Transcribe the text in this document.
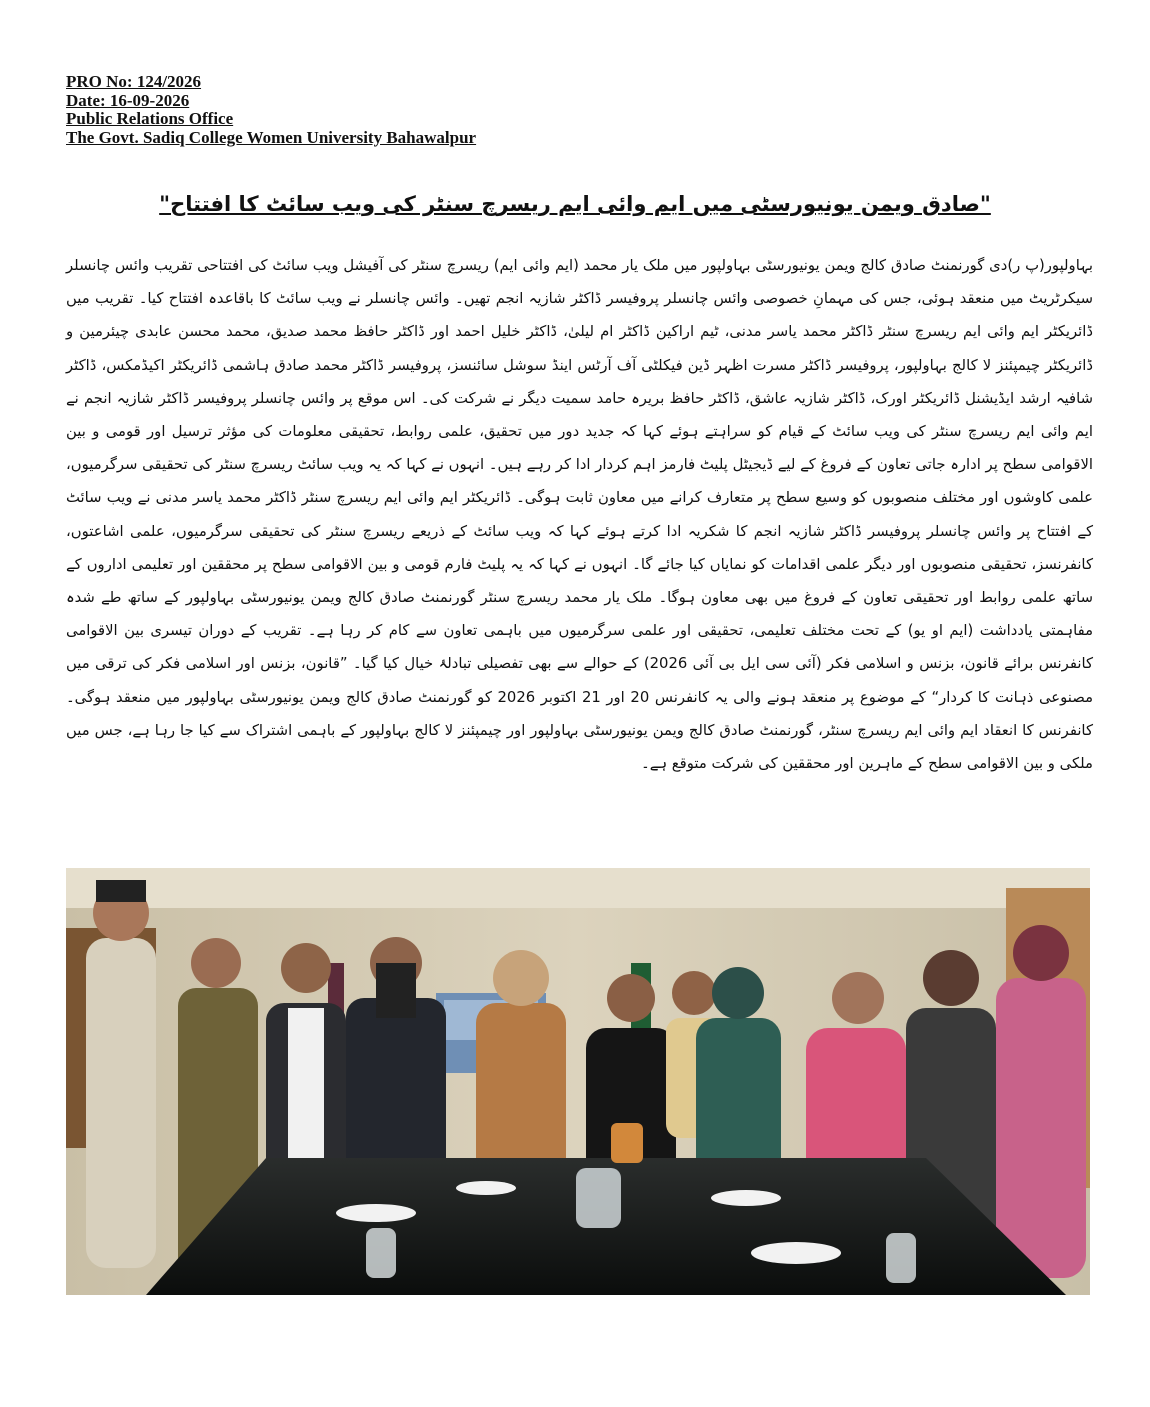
PRO No: 124/2026
Date: 16-09-2026
Public Relations Office
The Govt. Sadiq College Women University Bahawalpur
"صادق ویمن یونیورسٹی میں ایم وائی ایم ریسرچ سنٹر کی ویب سائٹ کا افتتاح"

بہاولپور(پ ر)دی گورنمنٹ صادق کالج ویمن یونیورسٹی بہاولپور میں ملک یار محمد (ایم وائی ایم) ریسرچ سنٹر کی آفیشل ویب سائٹ کی افتتاحی تقریب وائس چانسلر سیکرٹریٹ میں منعقد ہوئی، جس کی مہمانِ خصوصی وائس چانسلر پروفیسر ڈاکٹر شازیہ انجم تھیں۔ وائس چانسلر نے ویب سائٹ کا باقاعدہ افتتاح کیا۔ تقریب میں ڈائریکٹر ایم وائی ایم ریسرچ سنٹر ڈاکٹر محمد یاسر مدنی، ٹیم اراکین ڈاکٹر ام لیلیٰ، ڈاکٹر خلیل احمد اور ڈاکٹر حافظ محمد صدیق، محمد محسن عابدی چیئرمین و ڈائریکٹر چیمپئنز لا کالج بہاولپور، پروفیسر ڈاکٹر مسرت اظہر ڈین فیکلٹی آف آرٹس اینڈ سوشل سائنسز، پروفیسر ڈاکٹر محمد صادق ہاشمی ڈائریکٹر اکیڈمکس، ڈاکٹر شافیہ ارشد ایڈیشنل ڈائریکٹر اورک، ڈاکٹر شازیہ عاشق، ڈاکٹر حافظ بریرہ حامد سمیت دیگر نے شرکت کی۔ اس موقع پر وائس چانسلر پروفیسر ڈاکٹر شازیہ انجم نے ایم وائی ایم ریسرچ سنٹر کی ویب سائٹ کے قیام کو سراہتے ہوئے کہا کہ جدید دور میں تحقیق، علمی روابط، تحقیقی معلومات کی مؤثر ترسیل اور قومی و بین الاقوامی سطح پر ادارہ جاتی تعاون کے فروغ کے لیے ڈیجیٹل پلیٹ فارمز اہم کردار ادا کر رہے ہیں۔ انہوں نے کہا کہ یہ ویب سائٹ ریسرچ سنٹر کی تحقیقی سرگرمیوں، علمی کاوشوں اور مختلف منصوبوں کو وسیع سطح پر متعارف کرانے میں معاون ثابت ہوگی۔ ڈائریکٹر ایم وائی ایم ریسرچ سنٹر ڈاکٹر محمد یاسر مدنی نے ویب سائٹ کے افتتاح پر وائس چانسلر پروفیسر ڈاکٹر شازیہ انجم کا شکریہ ادا کرتے ہوئے کہا کہ ویب سائٹ کے ذریعے ریسرچ سنٹر کی تحقیقی سرگرمیوں، علمی اشاعتوں، کانفرنسز، تحقیقی منصوبوں اور دیگر علمی اقدامات کو نمایاں کیا جائے گا۔ انہوں نے کہا کہ یہ پلیٹ فارم قومی و بین الاقوامی سطح پر محققین اور تعلیمی اداروں کے ساتھ علمی روابط اور تحقیقی تعاون کے فروغ میں بھی معاون ہوگا۔ ملک یار محمد ریسرچ سنٹر گورنمنٹ صادق کالج ویمن یونیورسٹی بہاولپور کے ساتھ طے شدہ مفاہمتی یادداشت (ایم او یو) کے تحت مختلف تعلیمی، تحقیقی اور علمی سرگرمیوں میں باہمی تعاون سے کام کر رہا ہے۔ تقریب کے دوران تیسری بین الاقوامی کانفرنس برائے قانون، بزنس و اسلامی فکر (آئی سی ایل بی آئی 2026) کے حوالے سے بھی تفصیلی تبادلۂ خیال کیا گیا۔ ”قانون، بزنس اور اسلامی فکر کی ترقی میں مصنوعی ذہانت کا کردار“ کے موضوع پر منعقد ہونے والی یہ کانفرنس 20 اور 21 اکتوبر 2026 کو گورنمنٹ صادق کالج ویمن یونیورسٹی بہاولپور میں منعقد ہوگی۔ کانفرنس کا انعقاد ایم وائی ایم ریسرچ سنٹر، گورنمنٹ صادق کالج ویمن یونیورسٹی بہاولپور اور چیمپئنز لا کالج بہاولپور کے باہمی اشتراک سے کیا جا رہا ہے، جس میں ملکی و بین الاقوامی سطح کے ماہرین اور محققین کی شرکت متوقع ہے۔
